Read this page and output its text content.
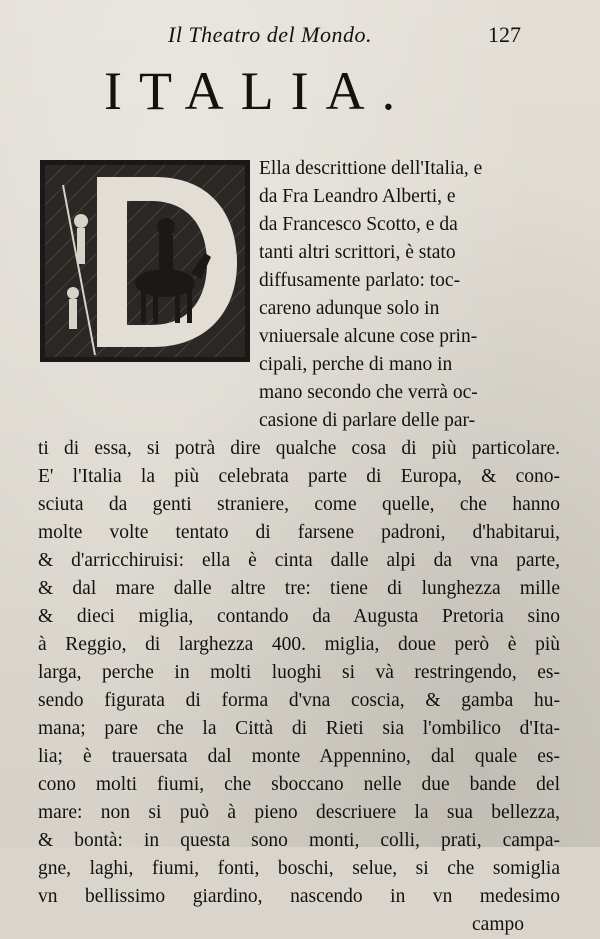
Il Theatro del Mondo.	127
ITALIA.
Ella descrittione dell'Italia, e
da Fra Leandro Alberti, e
da Francesco Scotto, e da
tanti altri scrittori, è stato
diffusamente parlato: toc-
careno adunque solo in
vniuersale alcune cose prin-
cipali, perche di mano in
mano secondo che verrà oc-
casione di parlare delle par-
ti di essa, si potrà dire qualche cosa di più particolare.
E' l'Italia la più celebrata parte di Europa, & cono-
sciuta da genti straniere, come quelle, che hanno
molte volte tentato di farsene padroni, d'habitarui,
& d'arricchiruisi: ella è cinta dalle alpi da vna parte,
& dal mare dalle altre tre: tiene di lunghezza mille
& dieci miglia, contando da Augusta Pretoria sino
à Reggio, di larghezza 400. miglia, doue però è più
larga, perche in molti luoghi si và restringendo, es-
sendo figurata di forma d'vna coscia, & gamba hu-
mana; pare che la Città di Rieti sia l'ombilico d'Ita-
lia; è trauersata dal monte Appennino, dal quale es-
cono molti fiumi, che sboccano nelle due bande del
mare: non si può à pieno descriuere la sua bellezza,
& bontà: in questa sono monti, colli, prati, campa-
gne, laghi, fiumi, fonti, boschi, selue, si che somiglia
vn bellissimo giardino, nascendo in vn medesimo
campo
